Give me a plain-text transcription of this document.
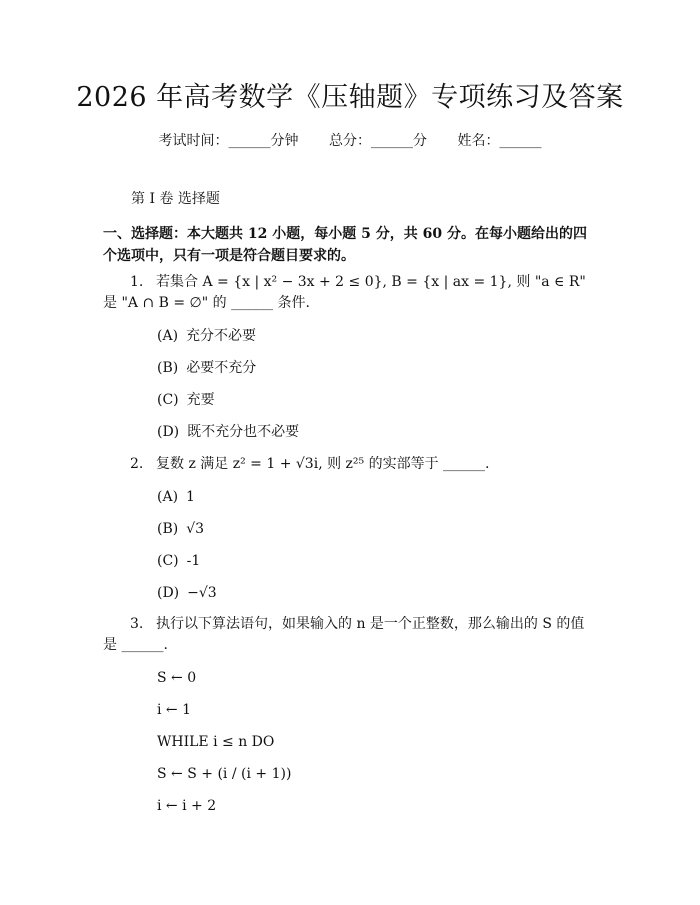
2026 年高考数学《压轴题》专项练习及答案
考试时间：______分钟 总分：______分 姓名：______
第 I 卷 选择题
一、选择题：本大题共 12 小题，每小题 5 分，共 60 分。在每小题给出的四个选项中，只有一项是符合题目要求的。
1. 若集合 A = {x | x² − 3x + 2 ≤ 0}, B = {x | ax = 1}, 则 "a ∈ R" 是 "A ∩ B = ∅" 的 ______ 条件.
(A) 充分不必要
(B) 必要不充分
(C) 充要
(D) 既不充分也不必要
2. 复数 z 满足 z² = 1 + √3i, 则 z²⁵ 的实部等于 ______.
(A) 1
(B) √3
(C) -1
(D) −√3
3. 执行以下算法语句，如果输入的 n 是一个正整数，那么输出的 S 的值是 ______.
S ← 0
i ← 1
WHILE i ≤ n DO
S ← S + (i / (i + 1))
i ← i + 2
